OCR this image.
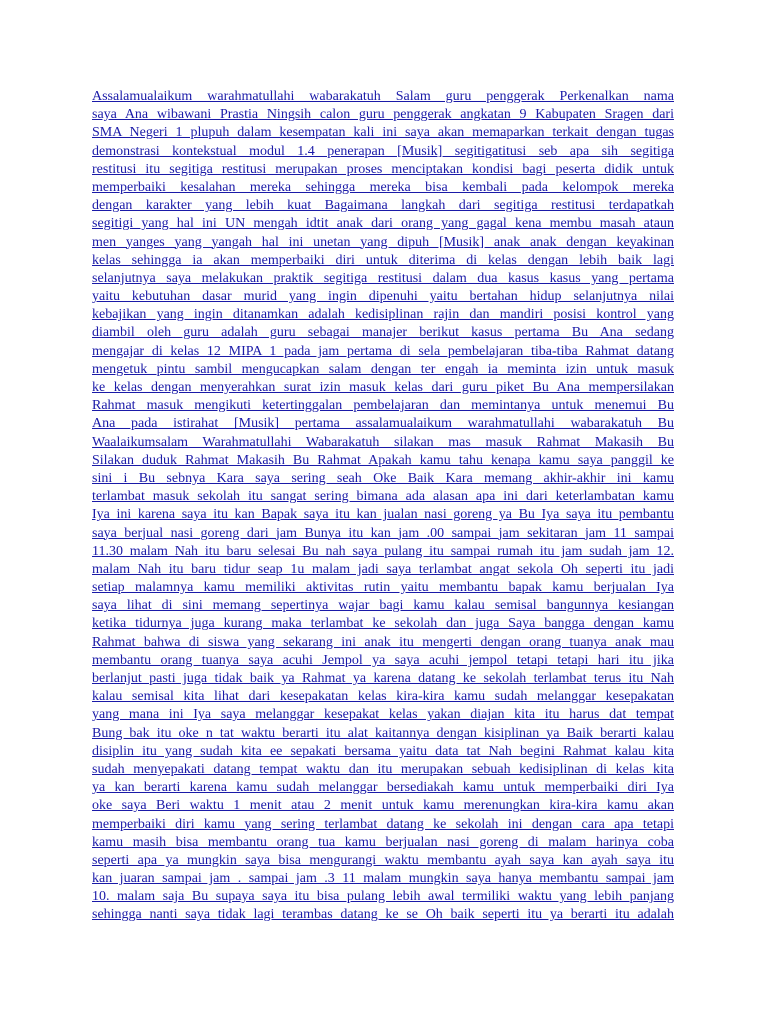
Assalamualaikum warahmatullahi wabarakatuh Salam guru penggerak Perkenalkan nama
saya Ana wibawani Prastia Ningsih calon guru penggerak angkatan 9 Kabupaten Sragen dari
SMA Negeri 1 plupuh dalam kesempatan kali ini saya akan memaparkan terkait dengan tugas
demonstrasi kontekstual modul 1.4 penerapan [Musik] segitigatitusi seb apa sih segitiga
restitusi itu segitiga restitusi merupakan proses menciptakan kondisi bagi peserta didik untuk
memperbaiki kesalahan mereka sehingga mereka bisa kembali pada kelompok mereka
dengan karakter yang lebih kuat Bagaimana langkah dari segitiga restitusi terdapatkah
segitigi yang hal ini UN mengah idtit anak dari orang yang gagal kena membu masah ataun
men yanges yang yangah hal ini unetan yang dipuh [Musik] anak anak dengan keyakinan
kelas sehingga ia akan memperbaiki diri untuk diterima di kelas dengan lebih baik lagi
selanjutnya saya melakukan praktik segitiga restitusi dalam dua kasus kasus yang pertama
yaitu kebutuhan dasar murid yang ingin dipenuhi yaitu bertahan hidup selanjutnya nilai
kebajikan yang ingin ditanamkan adalah kedisiplinan rajin dan mandiri posisi kontrol yang
diambil oleh guru adalah guru sebagai manajer berikut kasus pertama Bu Ana sedang
mengajar di kelas 12 MIPA 1 pada jam pertama di sela pembelajaran tiba-tiba Rahmat datang
mengetuk pintu sambil mengucapkan salam dengan ter engah ia meminta izin untuk masuk
ke kelas dengan menyerahkan surat izin masuk kelas dari guru piket Bu Ana mempersilakan
Rahmat masuk mengikuti ketertinggalan pembelajaran dan memintanya untuk menemui Bu
Ana pada istirahat [Musik] pertama assalamualaikum warahmatullahi wabarakatuh Bu
Waalaikumsalam Warahmatullahi Wabarakatuh silakan mas masuk Rahmat Makasih Bu
Silakan duduk Rahmat Makasih Bu Rahmat Apakah kamu tahu kenapa kamu saya panggil ke
sini i Bu sebnya Kara saya sering seah Oke Baik Kara memang akhir-akhir ini kamu
terlambat masuk sekolah itu sangat sering bimana ada alasan apa ini dari keterlambatan kamu
Iya ini karena saya itu kan Bapak saya itu kan jualan nasi goreng ya Bu Iya saya itu pembantu
saya berjual nasi goreng dari jam Bunya itu kan jam .00 sampai jam sekitaran jam 11 sampai
11.30 malam Nah itu baru selesai Bu nah saya pulang itu sampai rumah itu jam sudah jam 12.
malam Nah itu baru tidur seap 1u malam jadi saya terlambat angat sekola Oh seperti itu jadi
setiap malamnya kamu memiliki aktivitas rutin yaitu membantu bapak kamu berjualan Iya
saya lihat di sini memang sepertinya wajar bagi kamu kalau semisal bangunnya kesiangan
ketika tidurnya juga kurang maka terlambat ke sekolah dan juga Saya bangga dengan kamu
Rahmat bahwa di siswa yang sekarang ini anak itu mengerti dengan orang tuanya anak mau
membantu orang tuanya saya acuhi Jempol ya saya acuhi jempol tetapi tetapi hari itu jika
berlanjut pasti juga tidak baik ya Rahmat ya karena datang ke sekolah terlambat terus itu Nah
kalau semisal kita lihat dari kesepakatan kelas kira-kira kamu sudah melanggar kesepakatan
yang mana ini Iya saya melanggar kesepakat kelas yakan diajan kita itu harus dat tempat
Bung bak itu oke n tat waktu berarti itu alat kaitannya dengan kisiplinan ya Baik berarti kalau
disiplin itu yang sudah kita ee sepakati bersama yaitu data tat Nah begini Rahmat kalau kita
sudah menyepakati datang tempat waktu dan itu merupakan sebuah kedisiplinan di kelas kita
ya kan berarti karena kamu sudah melanggar bersediakah kamu untuk memperbaiki diri Iya
oke saya Beri waktu 1 menit atau 2 menit untuk kamu merenungkan kira-kira kamu akan
memperbaiki diri kamu yang sering terlambat datang ke sekolah ini dengan cara apa tetapi
kamu masih bisa membantu orang tua kamu berjualan nasi goreng di malam harinya coba
seperti apa ya mungkin saya bisa mengurangi waktu membantu ayah saya kan ayah saya itu
kan juaran sampai jam . sampai jam .3 11 malam mungkin saya hanya membantu sampai jam
10. malam saja Bu supaya saya itu bisa pulang lebih awal termiliki waktu yang lebih panjang
sehingga nanti saya tidak lagi terambas datang ke se Oh baik seperti itu ya berarti itu adalah
